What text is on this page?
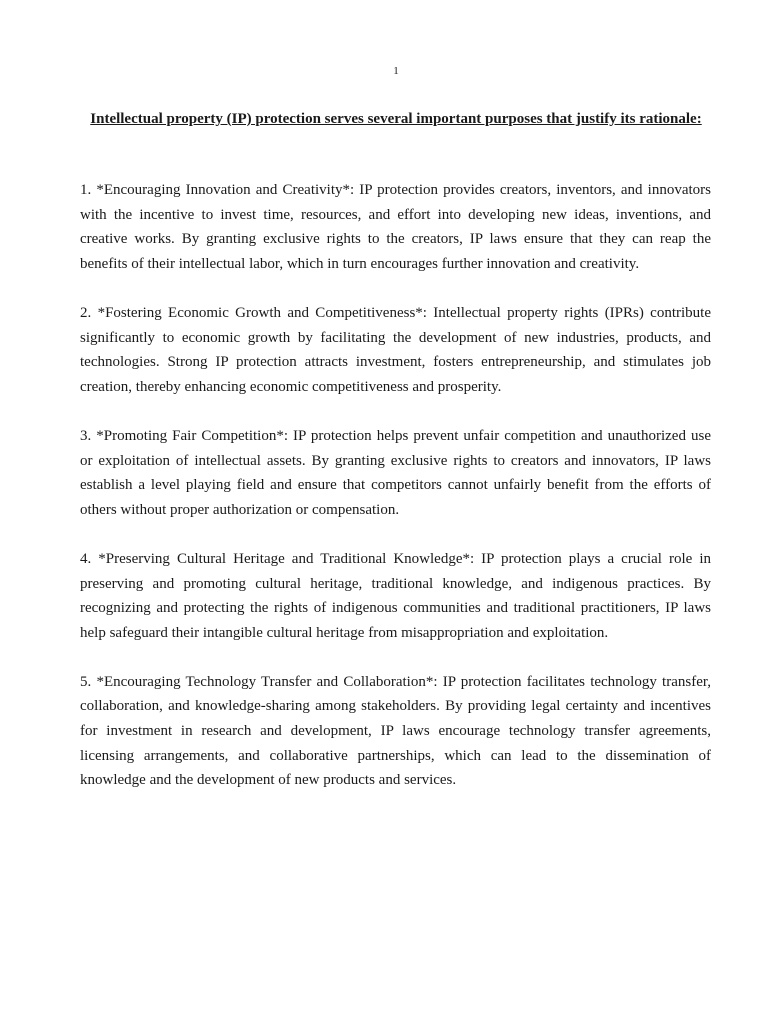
1
Intellectual property (IP) protection serves several important purposes that justify its rationale:

1. *Encouraging Innovation and Creativity*: IP protection provides creators, inventors, and innovators with the incentive to invest time, resources, and effort into developing new ideas, inventions, and creative works. By granting exclusive rights to the creators, IP laws ensure that they can reap the benefits of their intellectual labor, which in turn encourages further innovation and creativity.

2. *Fostering Economic Growth and Competitiveness*: Intellectual property rights (IPRs) contribute significantly to economic growth by facilitating the development of new industries, products, and technologies. Strong IP protection attracts investment, fosters entrepreneurship, and stimulates job creation, thereby enhancing economic competitiveness and prosperity.

3. *Promoting Fair Competition*: IP protection helps prevent unfair competition and unauthorized use or exploitation of intellectual assets. By granting exclusive rights to creators and innovators, IP laws establish a level playing field and ensure that competitors cannot unfairly benefit from the efforts of others without proper authorization or compensation.

4. *Preserving Cultural Heritage and Traditional Knowledge*: IP protection plays a crucial role in preserving and promoting cultural heritage, traditional knowledge, and indigenous practices. By recognizing and protecting the rights of indigenous communities and traditional practitioners, IP laws help safeguard their intangible cultural heritage from misappropriation and exploitation.

5. *Encouraging Technology Transfer and Collaboration*: IP protection facilitates technology transfer, collaboration, and knowledge-sharing among stakeholders. By providing legal certainty and incentives for investment in research and development, IP laws encourage technology transfer agreements, licensing arrangements, and collaborative partnerships, which can lead to the dissemination of knowledge and the development of new products and services.
